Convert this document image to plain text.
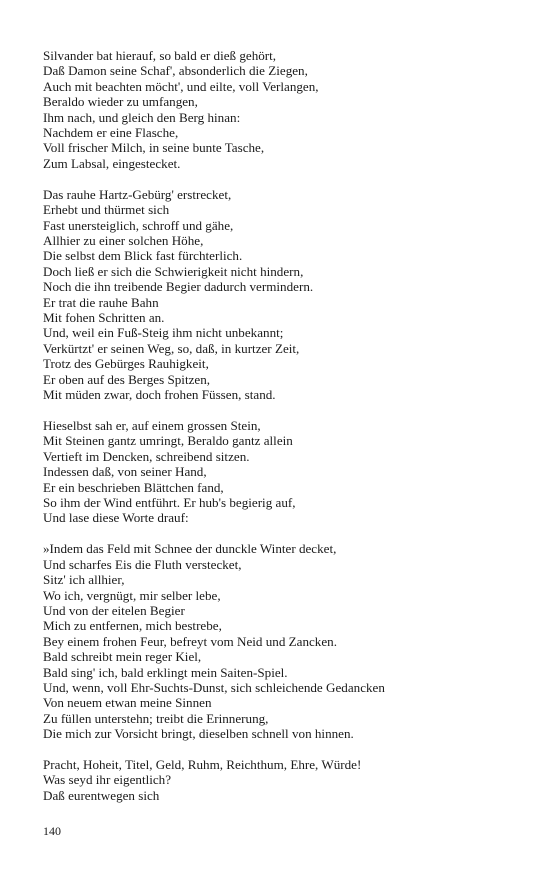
Silvander bat hierauf, so bald er dieß gehört,
Daß Damon seine Schaf', absonderlich die Ziegen,
Auch mit beachten möcht', und eilte, voll Verlangen,
Beraldo wieder zu umfangen,
Ihm nach, und gleich den Berg hinan:
Nachdem er eine Flasche,
Voll frischer Milch, in seine bunte Tasche,
Zum Labsal, eingestecket.
Das rauhe Hartz-Gebürg' erstrecket,
Erhebt und thürmet sich
Fast unersteiglich, schroff und gähe,
Allhier zu einer solchen Höhe,
Die selbst dem Blick fast fürchterlich.
Doch ließ er sich die Schwierigkeit nicht hindern,
Noch die ihn treibende Begier dadurch vermindern.
Er trat die rauhe Bahn
Mit fohen Schritten an.
Und, weil ein Fuß-Steig ihm nicht unbekannt;
Verkürtzt' er seinen Weg, so, daß, in kurtzer Zeit,
Trotz des Gebürges Rauhigkeit,
Er oben auf des Berges Spitzen,
Mit müden zwar, doch frohen Füssen, stand.
Hieselbst sah er, auf einem grossen Stein,
Mit Steinen gantz umringt, Beraldo gantz allein
Vertieft im Dencken, schreibend sitzen.
Indessen daß, von seiner Hand,
Er ein beschrieben Blättchen fand,
So ihm der Wind entführt. Er hub's begierig auf,
Und lase diese Worte drauf:
»Indem das Feld mit Schnee der dunckle Winter decket,
Und scharfes Eis die Fluth verstecket,
Sitz' ich allhier,
Wo ich, vergnügt, mir selber lebe,
Und von der eitelen Begier
Mich zu entfernen, mich bestrebe,
Bey einem frohen Feur, befreyt vom Neid und Zancken.
Bald schreibt mein reger Kiel,
Bald sing' ich, bald erklingt mein Saiten-Spiel.
Und, wenn, voll Ehr-Suchts-Dunst, sich schleichende Gedancken
Von neuem etwan meine Sinnen
Zu füllen unterstehn; treibt die Erinnerung,
Die mich zur Vorsicht bringt, dieselben schnell von hinnen.
Pracht, Hoheit, Titel, Geld, Ruhm, Reichthum, Ehre, Würde!
Was seyd ihr eigentlich?
Daß eurentwegen sich
140
